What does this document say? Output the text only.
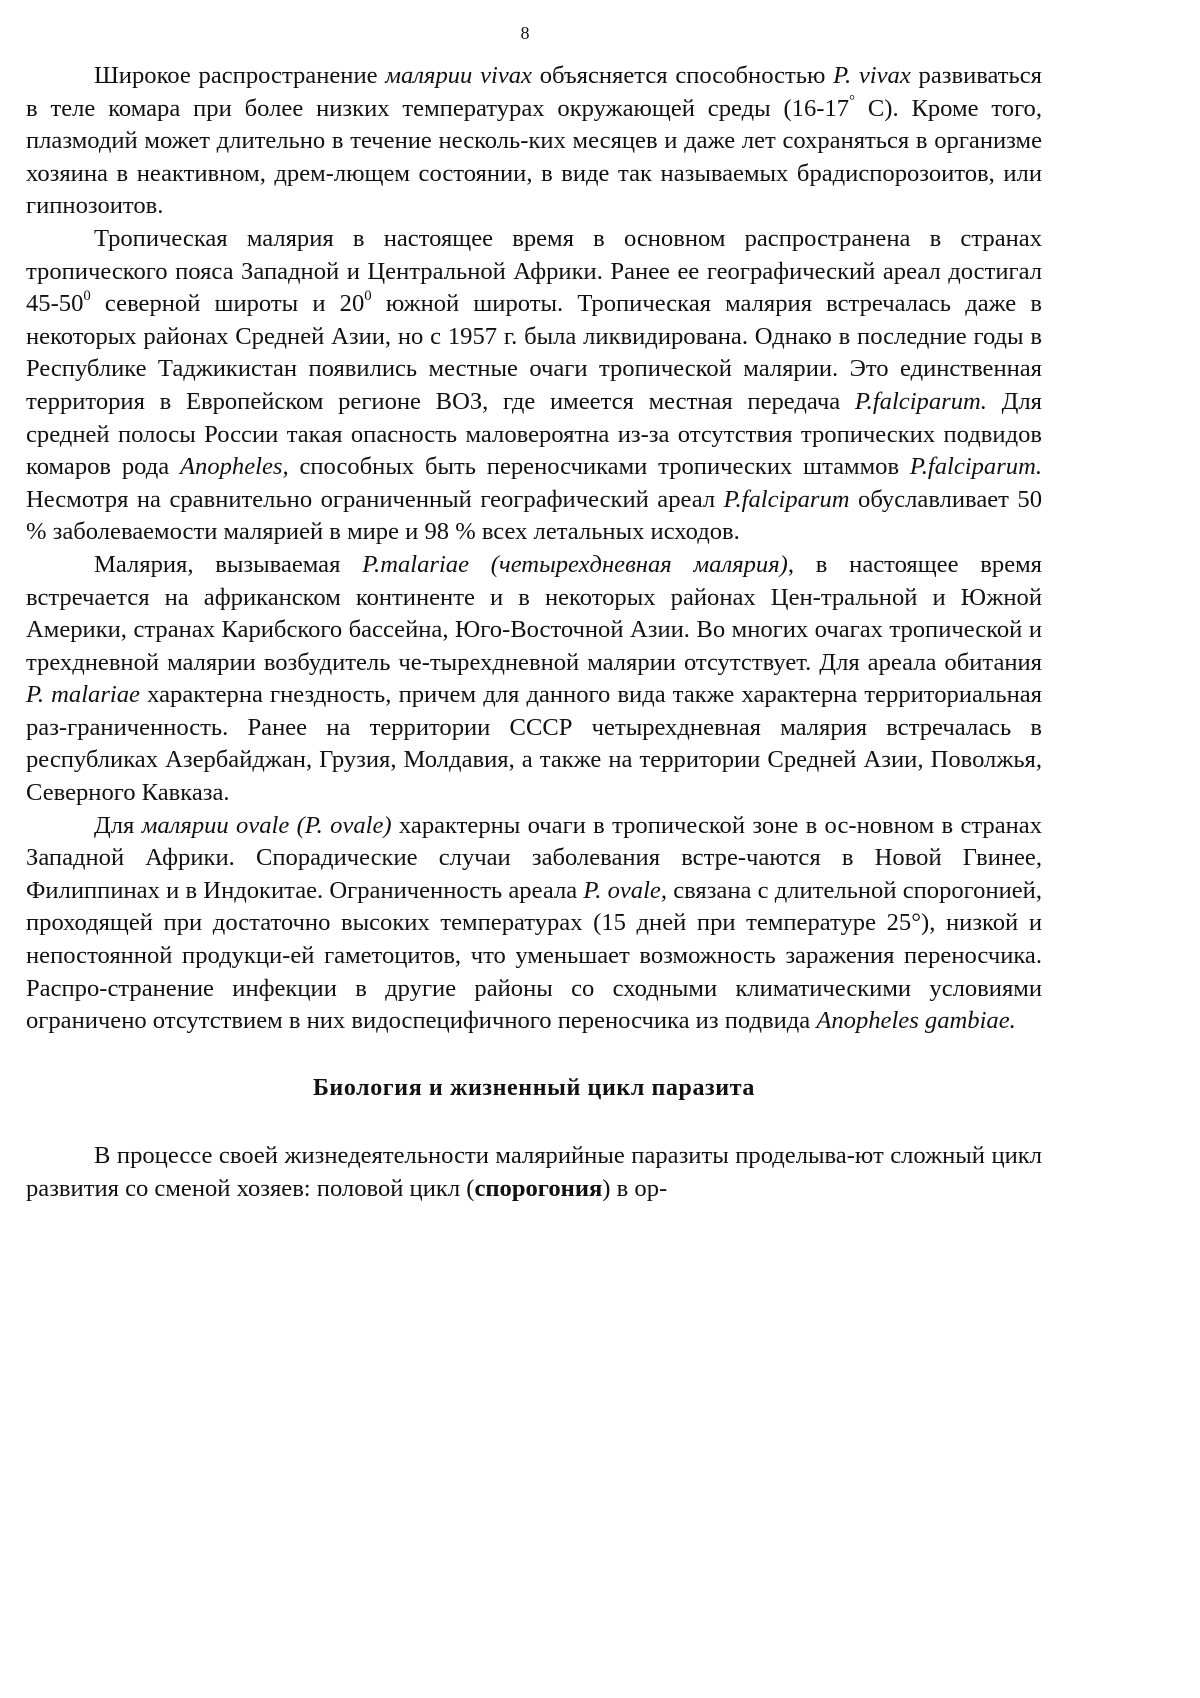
8

Широкое распространение малярии vivax объясняется способностью P. vivax развиваться в теле комара при более низких температурах окружающей среды (16-17° С). Кроме того, плазмодий может длительно в течение несколь-ких месяцев и даже лет сохраняться в организме хозяина в неактивном, дрем-лющем состоянии, в виде так называемых брадиспорозоитов, или гипнозоитов.

Тропическая малярия в настоящее время в основном распространена в странах тропического пояса Западной и Центральной Африки. Ранее ее географический ареал достигал $45-50^0$ северной широты и $20^0$ южной широты. Тропическая малярия встречалась даже в некоторых районах Средней Азии, но с 1957 г. была ликвидирована. Однако в последние годы в Республике Таджикистан появились местные очаги тропической малярии. Это единственная территория в Европейском регионе ВОЗ, где имеется местная передача P.falciparum. Для средней полосы России такая опасность маловероятна из-за отсутствия тропических подвидов комаров рода Anopheles, способных быть переносчиками тропических штаммов P.falciparum. Несмотря на сравнительно ограниченный географический ареал P.falciparum обуславливает 50 % заболеваемости малярией в мире и 98 % всех летальных исходов.

Малярия, вызываемая P.malariae (четырехдневная малярия), в настоящее время встречается на африканском континенте и в некоторых районах Цен-тральной и Южной Америки, странах Карибского бассейна, Юго-Восточной Азии. Во многих очагах тропической и трехдневной малярии возбудитель че-тырехдневной малярии отсутствует. Для ареала обитания P. malariae характерна гнездность, причем для данного вида также характерна территориальная раз-граниченность. Ранее на территории СССР четырехдневная малярия встречалась в республиках Азербайджан, Грузия, Молдавия, а также на территории Средней Азии, Поволжья, Северного Кавказа.

Для малярии ovale (P. ovale) характерны очаги в тропической зоне в ос-новном в странах Западной Африки. Спорадические случаи заболевания встре-чаются в Новой Гвинее, Филиппинах и в Индокитае. Ограниченность ареала P. ovale, связана с длительной спорогонией, проходящей при достаточно высоких температурах (15 дней при температуре 25°), низкой и непостоянной продукци-ей гаметоцитов, что уменьшает возможность заражения переносчика. Распро-странение инфекции в другие районы со сходными климатическими условиями ограничено отсутствием в них видоспецифичного переносчика из подвида Anopheles gambiae.

Биология и жизненный цикл паразита

В процессе своей жизнедеятельности малярийные паразиты проделыва-ют сложный цикл развития со сменой хозяев: половой цикл (спорогония) в ор-
